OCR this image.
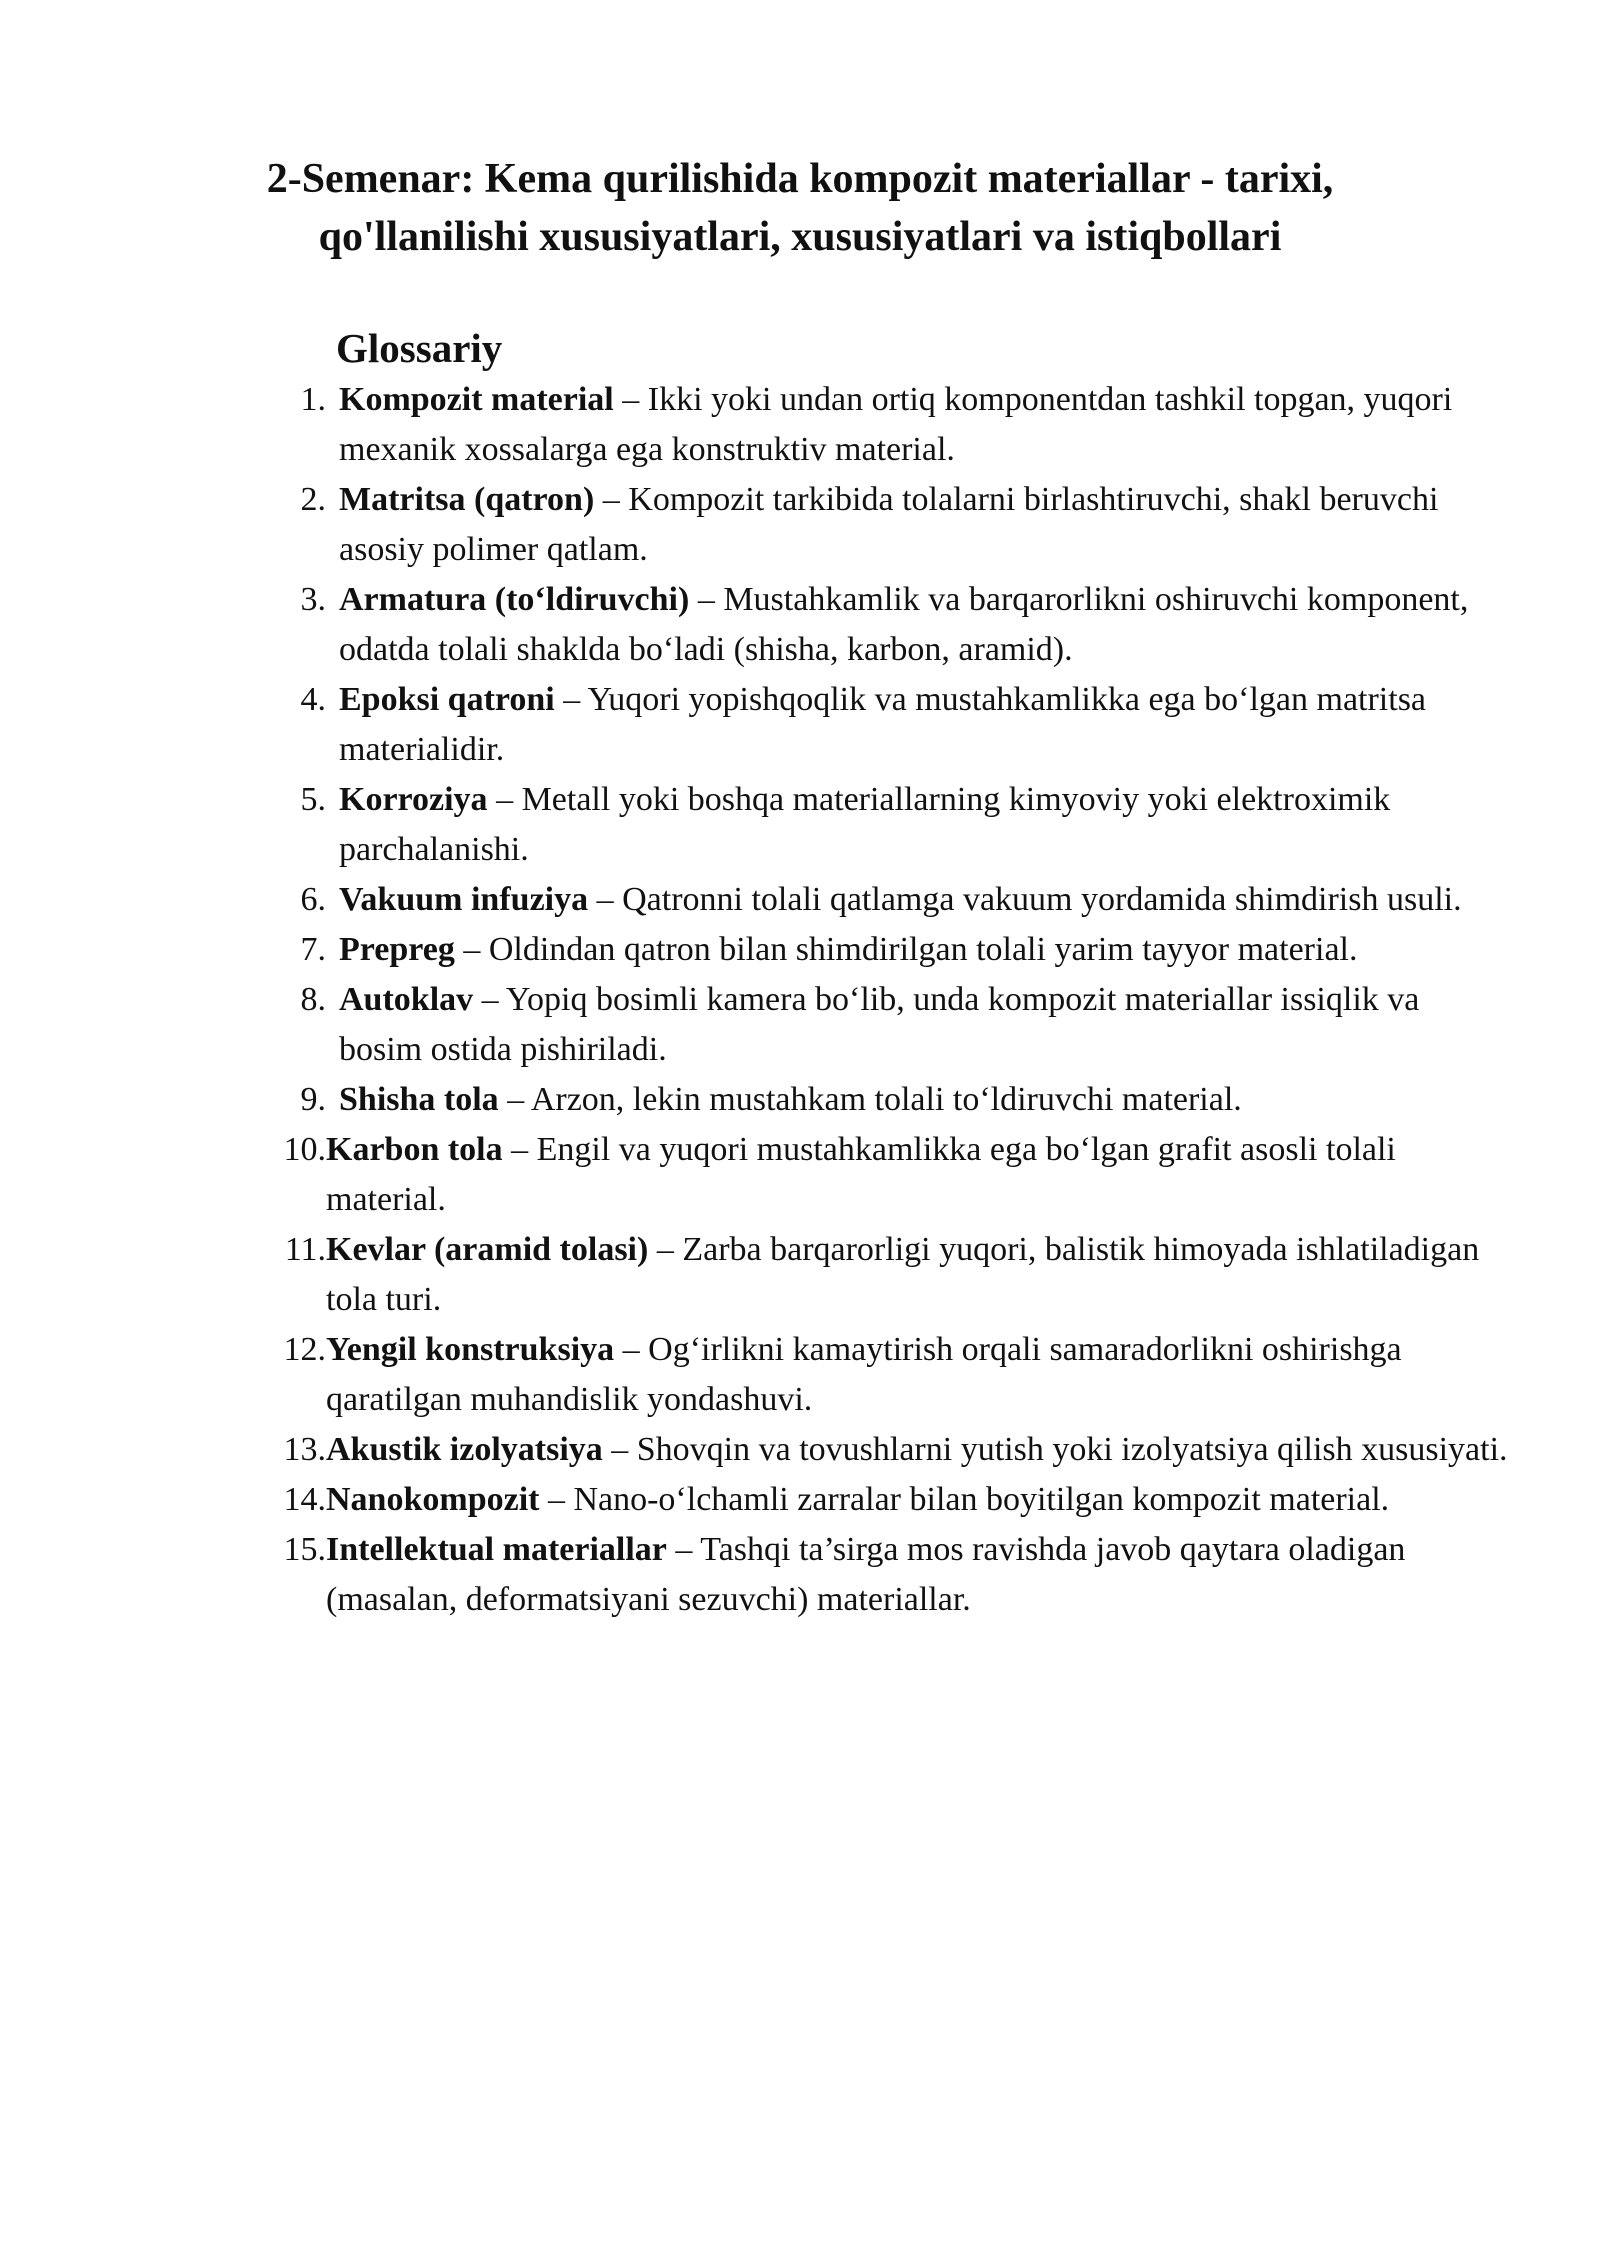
2-Semenar: Kema qurilishida kompozit materiallar - tarixi,
qo'llanilishi xususiyatlari, xususiyatlari va istiqbollari
Glossariy
1. Kompozit material – Ikki yoki undan ortiq komponentdan tashkil topgan, yuqori mexanik xossalarga ega konstruktiv material.
2. Matritsa (qatron) – Kompozit tarkibida tolalarni birlashtiruvchi, shakl beruvchi asosiy polimer qatlam.
3. Armatura (to‘ldiruvchi) – Mustahkamlik va barqarorlikni oshiruvchi komponent, odatda tolali shaklda bo‘ladi (shisha, karbon, aramid).
4. Epoksi qatroni – Yuqori yopishqoqlik va mustahkamlikka ega bo‘lgan matritsa materialidir.
5. Korroziya – Metall yoki boshqa materiallarning kimyoviy yoki elektroximik parchalanishi.
6. Vakuum infuziya – Qatronni tolali qatlamga vakuum yordamida shimdirish usuli.
7. Prepreg – Oldindan qatron bilan shimdirilgan tolali yarim tayyor material.
8. Autoklav – Yopiq bosimli kamera bo‘lib, unda kompozit materiallar issiqlik va bosim ostida pishiriladi.
9. Shisha tola – Arzon, lekin mustahkam tolali to‘ldiruvchi material.
10. Karbon tola – Engil va yuqori mustahkamlikka ega bo‘lgan grafit asosli tolali material.
11. Kevlar (aramid tolasi) – Zarba barqarorligi yuqori, balistik himoyada ishlatiladigan tola turi.
12. Yengil konstruksiya – Og‘irlikni kamaytirish orqali samaradorlikni oshirishga qaratilgan muhandislik yondashuvi.
13. Akustik izolyatsiya – Shovqin va tovushlarni yutish yoki izolyatsiya qilish xususiyati.
14. Nanokompozit – Nano-o‘lchamli zarralar bilan boyitilgan kompozit material.
15. Intellektual materiallar – Tashqi ta’sirga mos ravishda javob qaytara oladigan (masalan, deformatsiyani sezuvchi) materiallar.
